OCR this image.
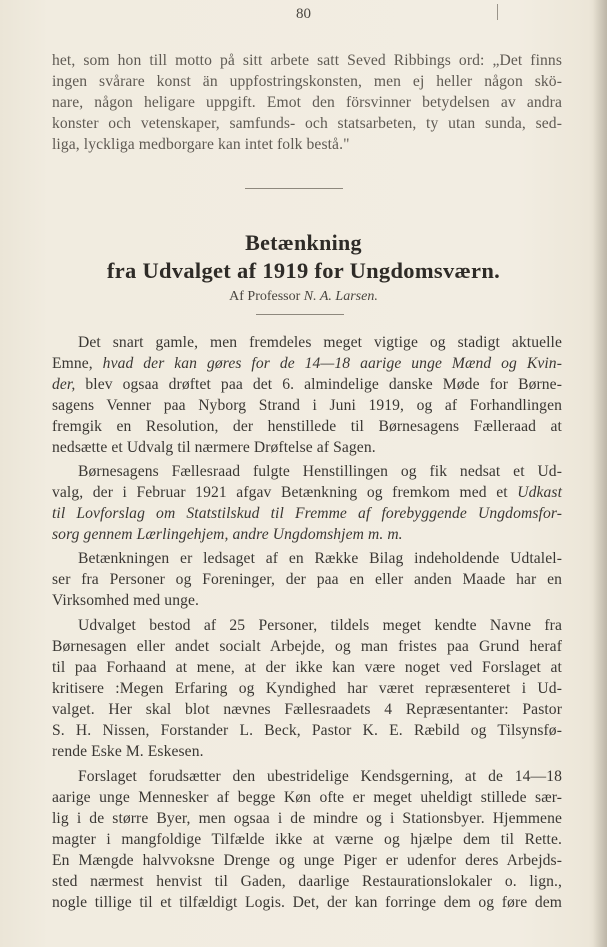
80

het, som hon till motto på sitt arbete satt Seved Ribbings ord: „Det finns

ingen svårare konst än uppfostringskonsten, men ej heller någon skö-

nare, någon heligare uppgift. Emot den försvinner betydelsen av andra

konster och vetenskaper, samfunds- och statsarbeten, ty utan sunda, sed-

liga, lyckliga medborgare kan intet folk bestå."

Betænkning
fra Udvalget af 1919 for Ungdomsværn.
Af Professor N. A. Larsen.

Det snart gamle, men fremdeles meget vigtige og stadigt aktuelle

Emne, hvad der kan gøres for de 14—18 aarige unge Mænd og Kvin-

der, blev ogsaa drøftet paa det 6. almindelige danske Møde for Børne-

sagens Venner paa Nyborg Strand i Juni 1919, og af Forhandlingen

fremgik en Resolution, der henstillede til Børnesagens Fælleraad at

nedsætte et Udvalg til nærmere Drøftelse af Sagen.

Børnesagens Fællesraad fulgte Henstillingen og fik nedsat et Ud-

valg, der i Februar 1921 afgav Betænkning og fremkom med et Udkast

til Lovforslag om Statstilskud til Fremme af forebyggende Ungdomsfor-

sorg gennem Lærlingehjem, andre Ungdomshjem m. m.

Betænkningen er ledsaget af en Række Bilag indeholdende Udtalel-

ser fra Personer og Foreninger, der paa en eller anden Maade har en

Virksomhed med unge.

Udvalget bestod af 25 Personer, tildels meget kendte Navne fra

Børnesagen eller andet socialt Arbejde, og man fristes paa Grund heraf

til paa Forhaand at mene, at der ikke kan være noget ved Forslaget at

kritisere :Megen Erfaring og Kyndighed har været repræsenteret i Ud-

valget. Her skal blot nævnes Fællesraadets 4 Repræsentanter: Pastor

S. H. Nissen, Forstander L. Beck, Pastor K. E. Ræbild og Tilsynsfø-

rende Eske M. Eskesen.

Forslaget forudsætter den ubestridelige Kendsgerning, at de 14—18

aarige unge Mennesker af begge Køn ofte er meget uheldigt stillede sær-

lig i de større Byer, men ogsaa i de mindre og i Stationsbyer. Hjemmene

magter i mangfoldige Tilfælde ikke at værne og hjælpe dem til Rette.

En Mængde halvvoksne Drenge og unge Piger er udenfor deres Arbejds-

sted nærmest henvist til Gaden, daarlige Restaurationslokaler o. lign.,

nogle tillige til et tilfældigt Logis. Det, der kan forringe dem og føre dem
